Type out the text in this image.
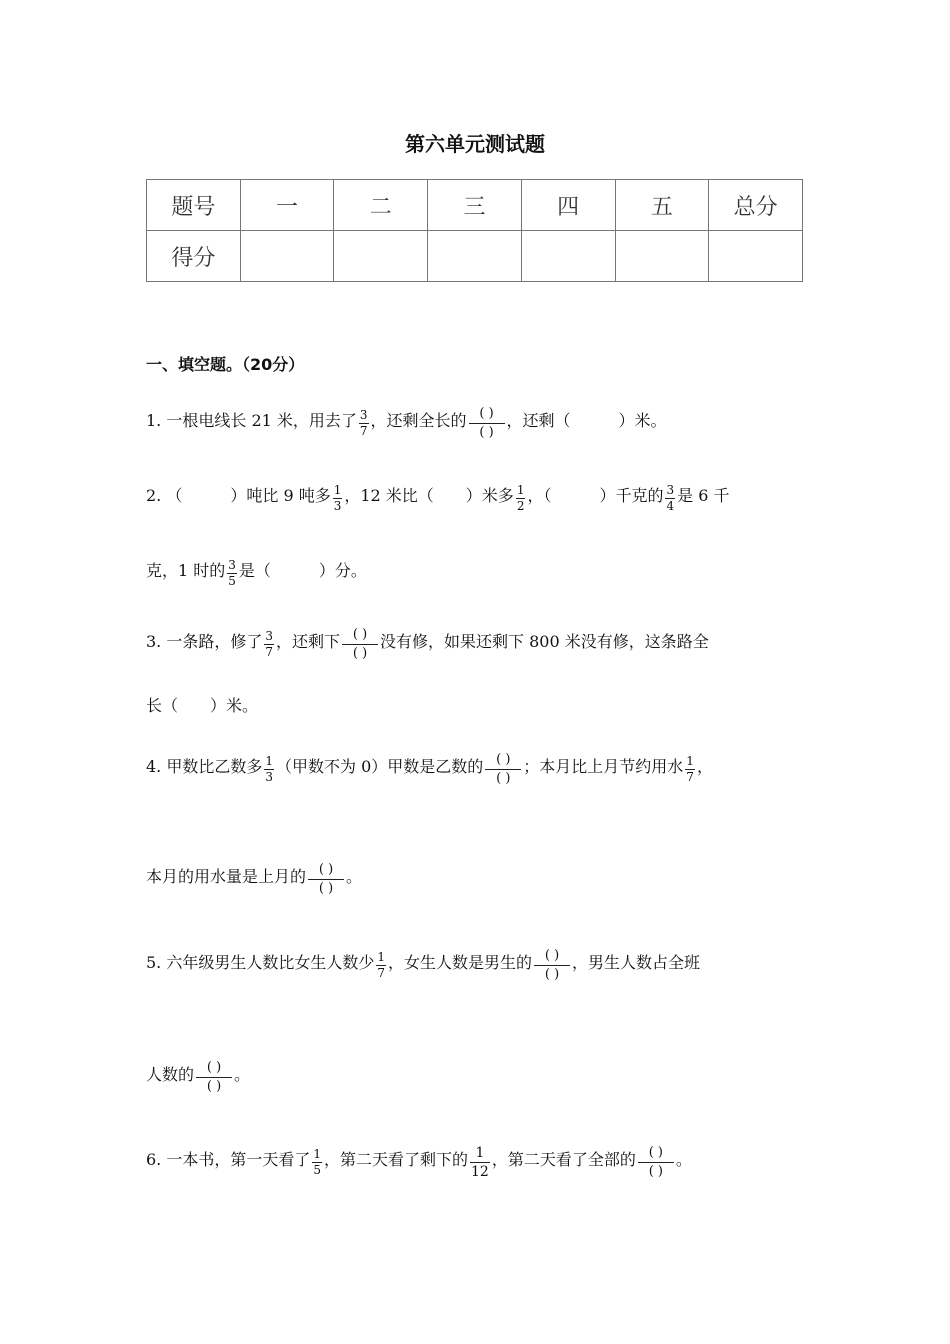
第六单元测试题
题号	一	二	三	四	五	总分
得分						
一、填空题。（20分）
1. 一根电线长 21 米，用去了 $\frac{3}{7}$ ，还剩全长的 $\frac{( )}{( )}$ ，还剩（　　　）米。
2. （　　　）吨比 9 吨多 $\frac{1}{3}$ ，12 米比（　　）米多 $\frac{1}{2}$ ，（　　　）千克的 $\frac{3}{4}$ 是 6 千
克，1 时的 $\frac{3}{5}$ 是（　　　）分。
3. 一条路，修了 $\frac{3}{7}$ ，还剩下 $\frac{( )}{( )}$ 没有修，如果还剩下 800 米没有修，这条路全
长（　　）米。
4. 甲数比乙数多 $\frac{1}{3}$ （甲数不为 0）甲数是乙数的 $\frac{( )}{( )}$ ；本月比上月节约用水 $\frac{1}{7}$ ，
本月的用水量是上月的 $\frac{( )}{( )}$ 。
5. 六年级男生人数比女生人数少 $\frac{1}{7}$ ，女生人数是男生的 $\frac{( )}{( )}$ ，男生人数占全班
人数的 $\frac{( )}{( )}$ 。
6. 一本书，第一天看了 $\frac{1}{5}$ ，第二天看了剩下的 $\frac{1}{12}$ ，第二天看了全部的 $\frac{( )}{( )}$ 。
